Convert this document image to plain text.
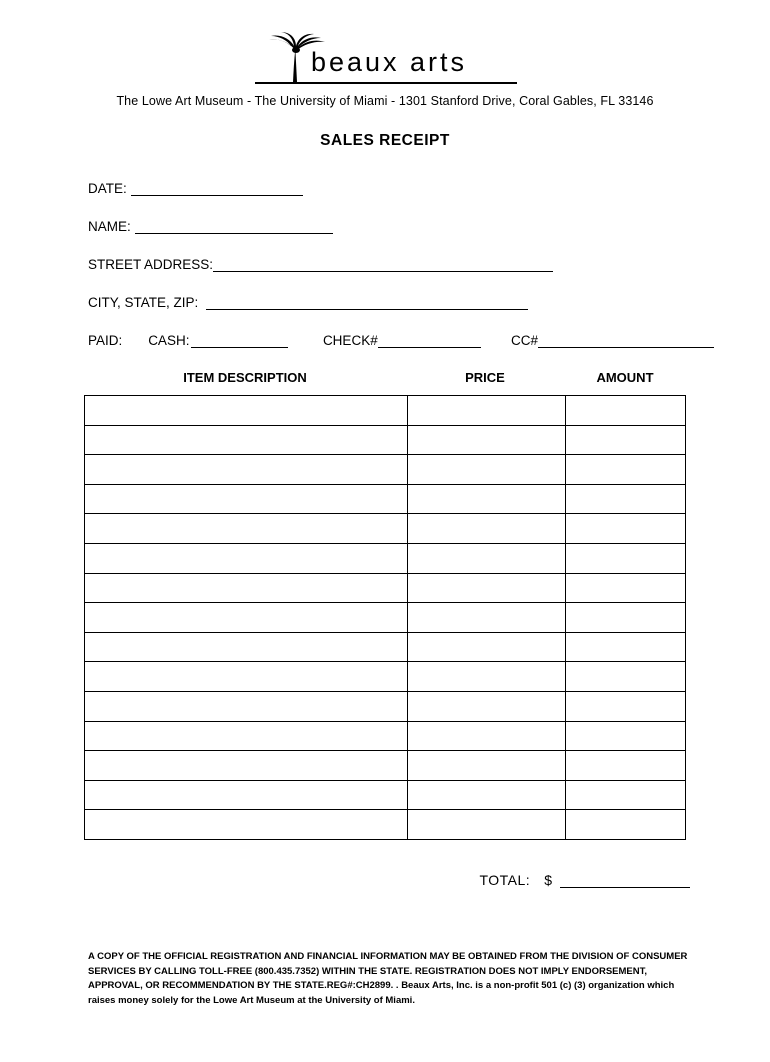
beaux arts
The Lowe Art Museum - The University of Miami - 1301 Stanford Drive, Coral Gables, FL 33146
SALES RECEIPT
DATE:
NAME:
STREET ADDRESS:
CITY, STATE, ZIP:
PAID: CASH:	CHECK#	CC#
ITEM DESCRIPTION	PRICE	AMOUNT

TOTAL: $
A COPY OF THE OFFICIAL REGISTRATION AND FINANCIAL INFORMATION MAY BE OBTAINED FROM THE DIVISION OF CONSUMER SERVICES BY CALLING TOLL-FREE (800.435.7352) WITHIN THE STATE. REGISTRATION DOES NOT IMPLY ENDORSEMENT, APPROVAL, OR RECOMMENDATION BY THE STATE.REG#:CH2899. . Beaux Arts, Inc. is a non-profit 501 (c) (3) organization which raises money solely for the Lowe Art Museum at the University of Miami.
